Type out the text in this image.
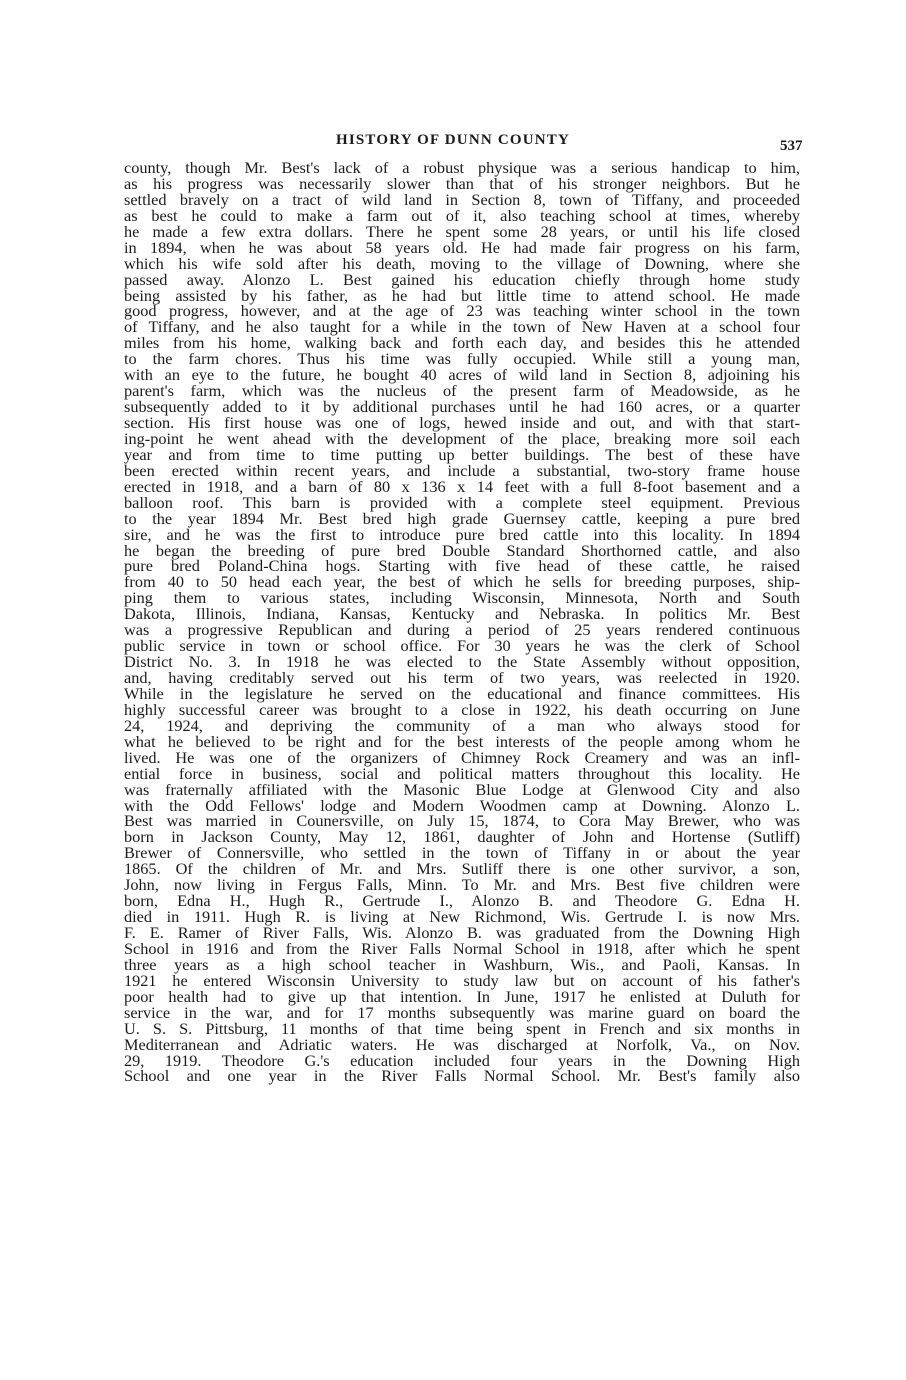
HISTORY OF DUNN COUNTY	537
county, though Mr. Best's lack of a robust physique was a serious handicap to him,
as his progress was necessarily slower than that of his stronger neighbors. But he
settled bravely on a tract of wild land in Section 8, town of Tiffany, and proceeded
as best he could to make a farm out of it, also teaching school at times, whereby
he made a few extra dollars. There he spent some 28 years, or until his life closed
in 1894, when he was about 58 years old. He had made fair progress on his farm,
which his wife sold after his death, moving to the village of Downing, where she
passed away. Alonzo L. Best gained his education chiefly through home study
being assisted by his father, as he had but little time to attend school. He made
good progress, however, and at the age of 23 was teaching winter school in the town
of Tiffany, and he also taught for a while in the town of New Haven at a school four
miles from his home, walking back and forth each day, and besides this he attended
to the farm chores. Thus his time was fully occupied. While still a young man,
with an eye to the future, he bought 40 acres of wild land in Section 8, adjoining his
parent's farm, which was the nucleus of the present farm of Meadowside, as he
subsequently added to it by additional purchases until he had 160 acres, or a quarter
section. His first house was one of logs, hewed inside and out, and with that start-
ing-point he went ahead with the development of the place, breaking more soil each
year and from time to time putting up better buildings. The best of these have
been erected within recent years, and include a substantial, two-story frame house
erected in 1918, and a barn of 80 x 136 x 14 feet with a full 8-foot basement and a
balloon roof. This barn is provided with a complete steel equipment. Previous
to the year 1894 Mr. Best bred high grade Guernsey cattle, keeping a pure bred
sire, and he was the first to introduce pure bred cattle into this locality. In 1894
he began the breeding of pure bred Double Standard Shorthorned cattle, and also
pure bred Poland-China hogs. Starting with five head of these cattle, he raised
from 40 to 50 head each year, the best of which he sells for breeding purposes, ship-
ping them to various states, including Wisconsin, Minnesota, North and South
Dakota, Illinois, Indiana, Kansas, Kentucky and Nebraska. In politics Mr. Best
was a progressive Republican and during a period of 25 years rendered continuous
public service in town or school office. For 30 years he was the clerk of School
District No. 3. In 1918 he was elected to the State Assembly without opposition,
and, having creditably served out his term of two years, was reelected in 1920.
While in the legislature he served on the educational and finance committees. His
highly successful career was brought to a close in 1922, his death occurring on June
24, 1924, and depriving the community of a man who always stood for
what he believed to be right and for the best interests of the people among whom he
lived. He was one of the organizers of Chimney Rock Creamery and was an infl-
ential force in business, social and political matters throughout this locality. He
was fraternally affiliated with the Masonic Blue Lodge at Glenwood City and also
with the Odd Fellows' lodge and Modern Woodmen camp at Downing. Alonzo L.
Best was married in Counersville, on July 15, 1874, to Cora May Brewer, who was
born in Jackson County, May 12, 1861, daughter of John and Hortense (Sutliff)
Brewer of Connersville, who settled in the town of Tiffany in or about the year
1865. Of the children of Mr. and Mrs. Sutliff there is one other survivor, a son,
John, now living in Fergus Falls, Minn. To Mr. and Mrs. Best five children were
born, Edna H., Hugh R., Gertrude I., Alonzo B. and Theodore G. Edna H.
died in 1911. Hugh R. is living at New Richmond, Wis. Gertrude I. is now Mrs.
F. E. Ramer of River Falls, Wis. Alonzo B. was graduated from the Downing High
School in 1916 and from the River Falls Normal School in 1918, after which he spent
three years as a high school teacher in Washburn, Wis., and Paoli, Kansas. In
1921 he entered Wisconsin University to study law but on account of his father's
poor health had to give up that intention. In June, 1917 he enlisted at Duluth for
service in the war, and for 17 months subsequently was marine guard on board the
U. S. S. Pittsburg, 11 months of that time being spent in French and six months in
Mediterranean and Adriatic waters. He was discharged at Norfolk, Va., on Nov.
29, 1919. Theodore G.'s education included four years in the Downing High
School and one year in the River Falls Normal School. Mr. Best's family also
